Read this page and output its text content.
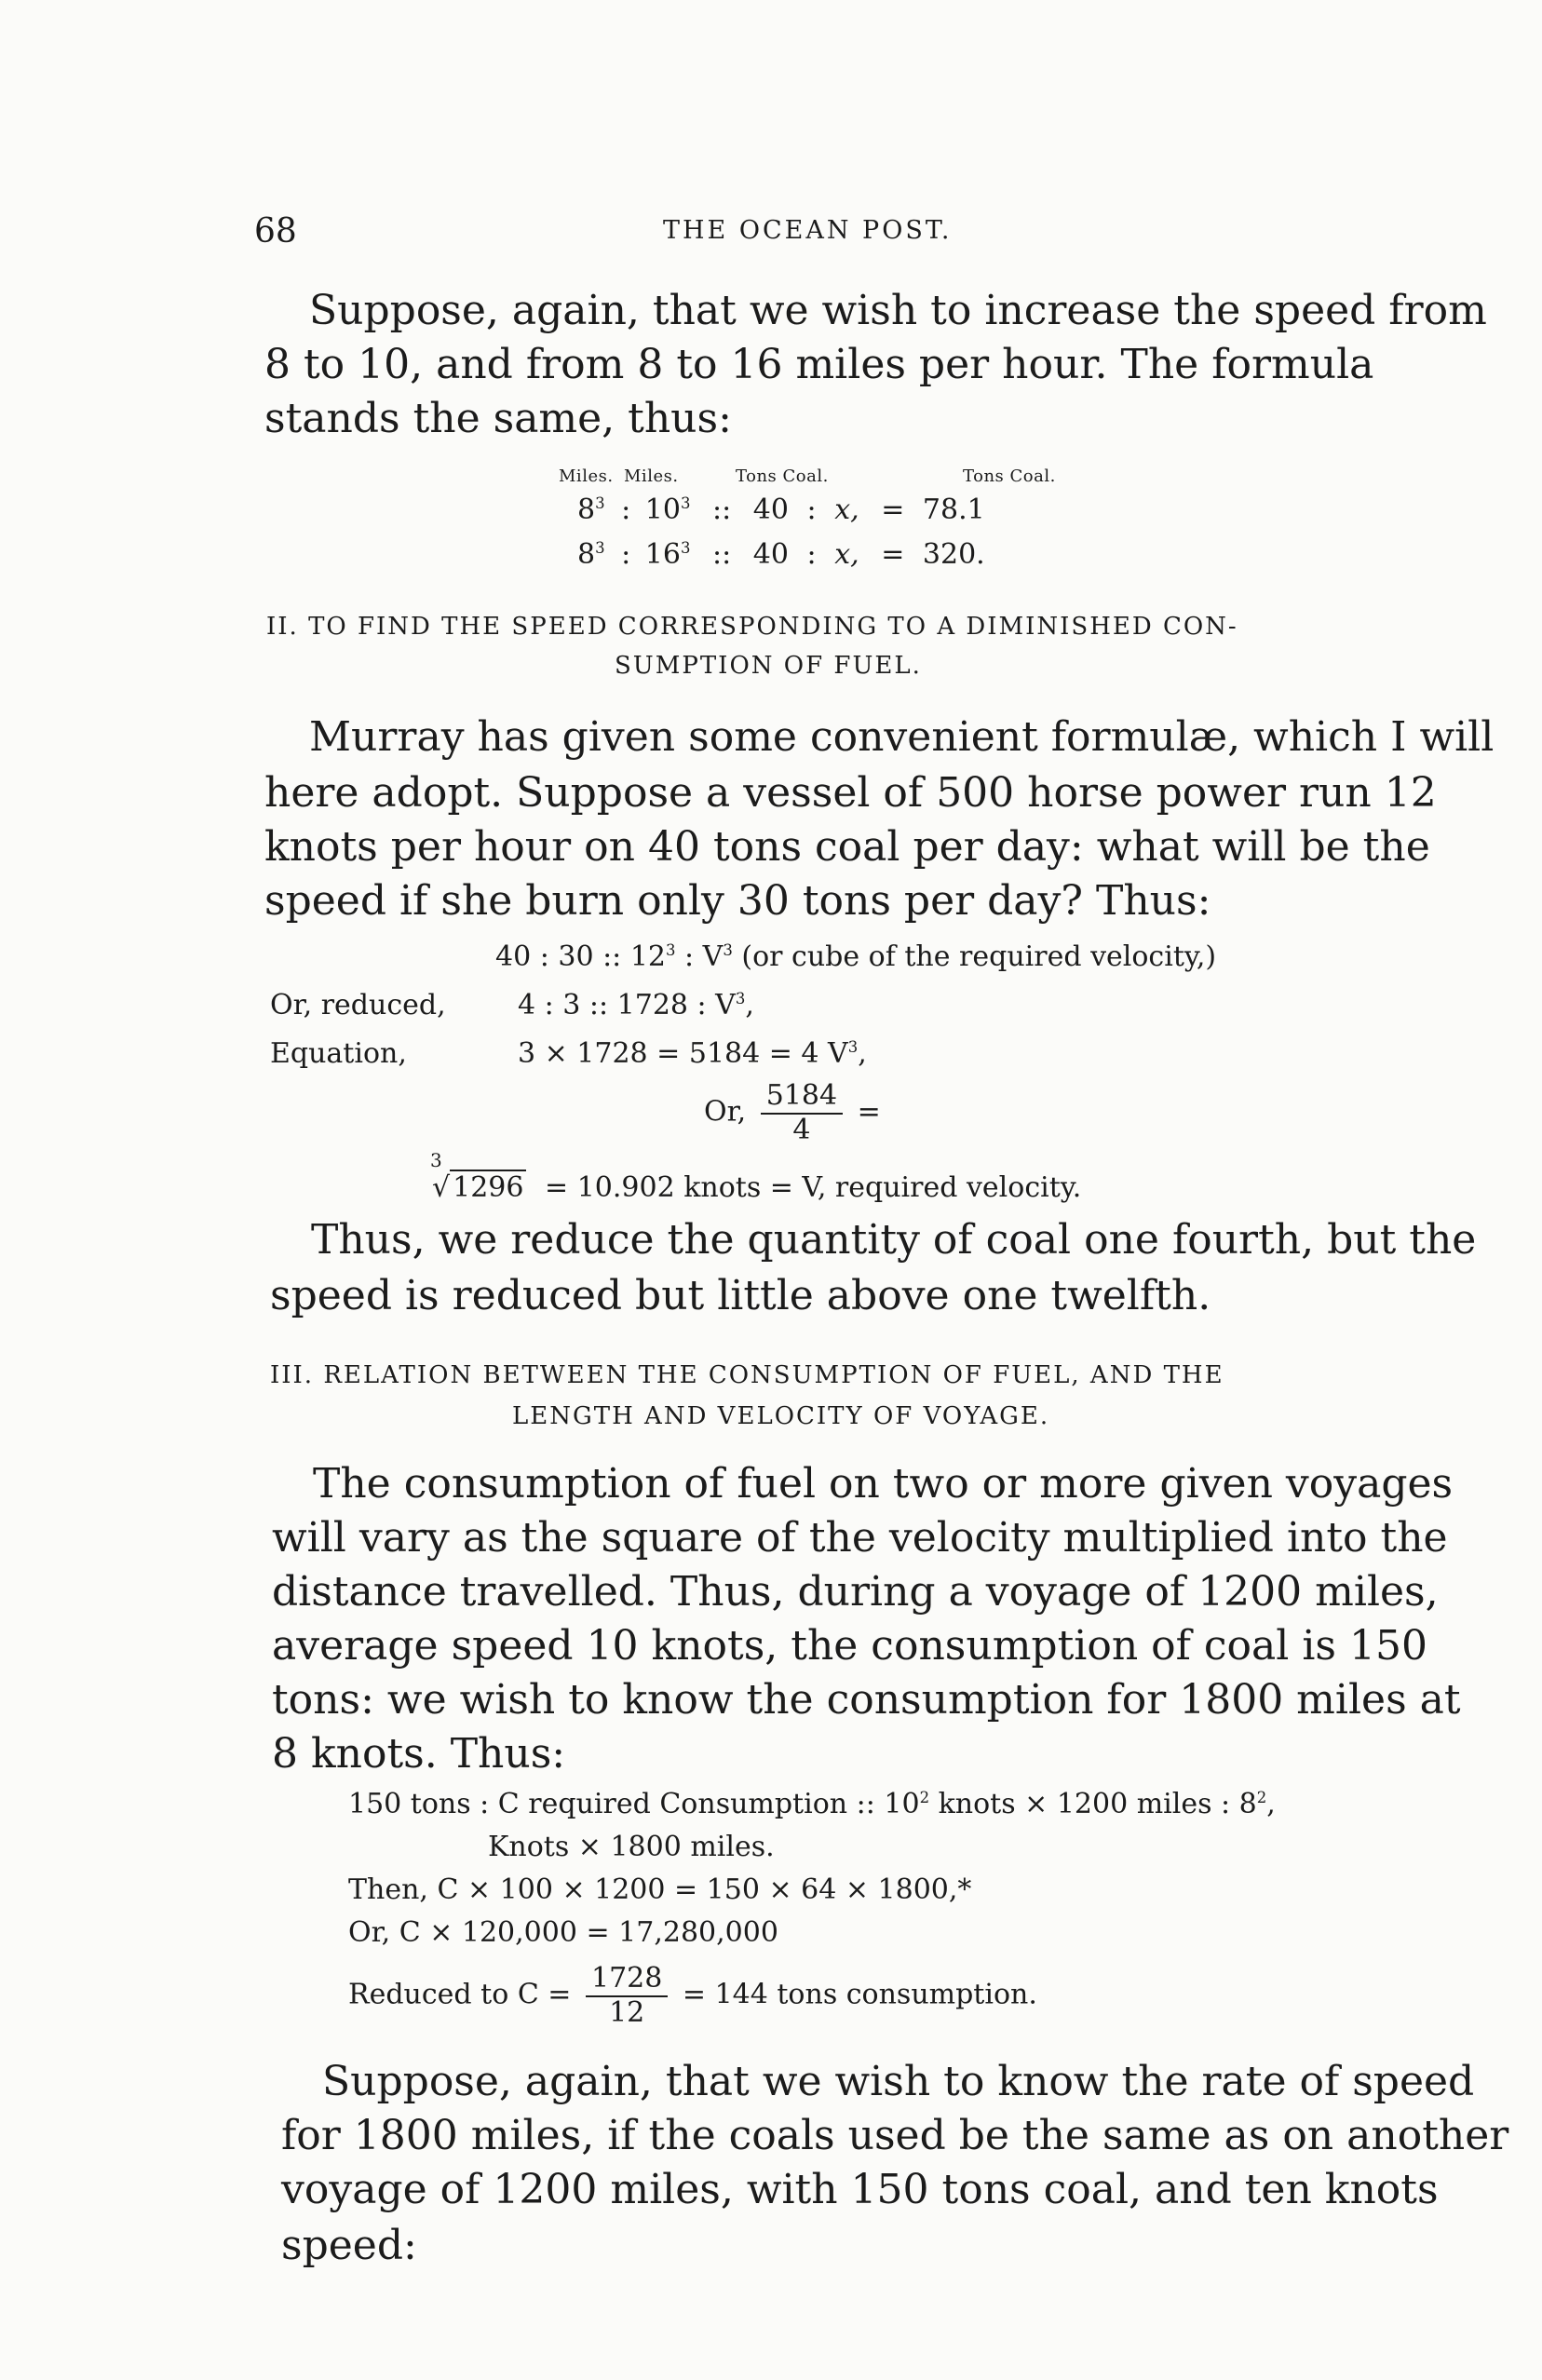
68	THE OCEAN POST.
Suppose, again, that we wish to increase the speed from
8 to 10, and from 8 to 16 miles per hour. The formula
stands the same, thus:
Miles. Miles.	Tons Coal.	Tons Coal.
$8^3$ : $10^3$ :: 40 : x, = 78.1
$8^3$ : $16^3$ :: 40 : x, = 320.
II. TO FIND THE SPEED CORRESPONDING TO A DIMINISHED CON-
SUMPTION OF FUEL.
Murray has given some convenient formulæ, which I will
here adopt. Suppose a vessel of 500 horse power run 12
knots per hour on 40 tons coal per day: what will be the
speed if she burn only 30 tons per day? Thus:
40 : 30 :: $12^3$ : $V^3$ (or cube of the required velocity,)
Or, reduced,	4 : 3 :: 1728 : $V^3$,
Equation,	3 × 1728 = 5184 = 4 $V^3$,
Or, $\frac{5184}{4}$ =
3
√ 1296 = 10.902 knots = V, required velocity.
Thus, we reduce the quantity of coal one fourth, but the
speed is reduced but little above one twelfth.
III. RELATION BETWEEN THE CONSUMPTION OF FUEL, AND THE
LENGTH AND VELOCITY OF VOYAGE.
The consumption of fuel on two or more given voyages
will vary as the square of the velocity multiplied into the
distance travelled. Thus, during a voyage of 1200 miles,
average speed 10 knots, the consumption of coal is 150
tons: we wish to know the consumption for 1800 miles at
8 knots. Thus:
150 tons : C required Consumption :: $10^2$ knots × 1200 miles : $8^2$,
Knots × 1800 miles.
Then, C × 100 × 1200 = 150 × 64 × 1800,*
Or, C × 120,000 = 17,280,000
Reduced to $C = \frac{1728}{12} = 144$ tons consumption.
Suppose, again, that we wish to know the rate of speed
for 1800 miles, if the coals used be the same as on another
voyage of 1200 miles, with 150 tons coal, and ten knots
speed:
